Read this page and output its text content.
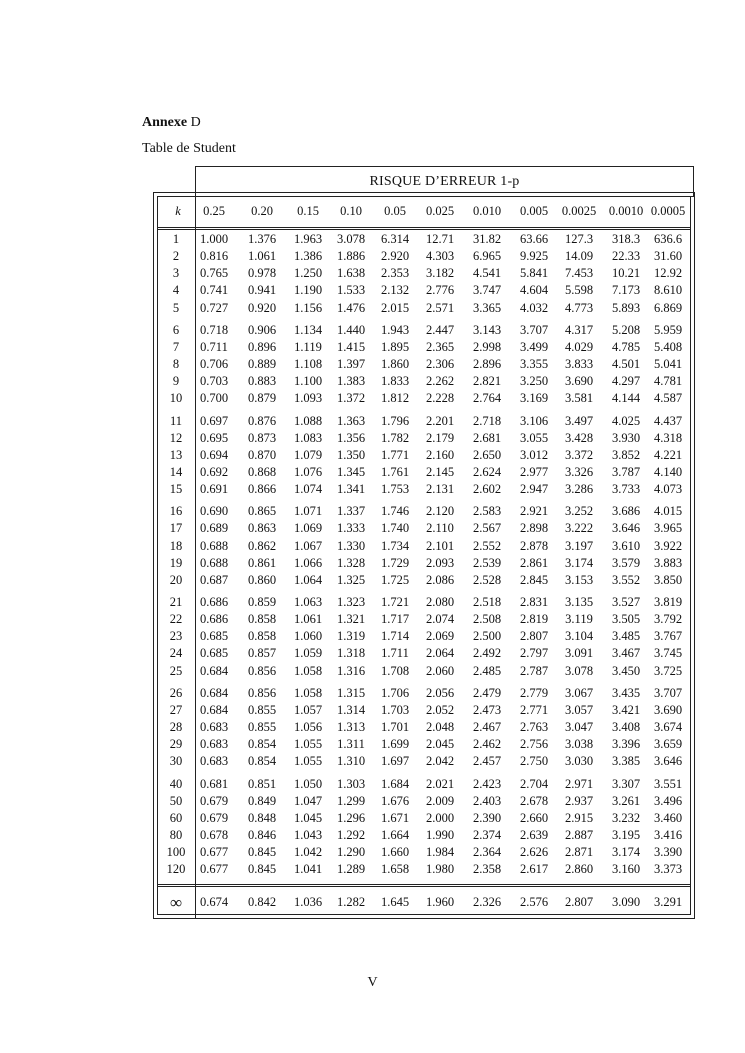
Annexe D
Table de Student
RISQUE D’ERREUR 1-p
k	0.25	0.20	0.15	0.10	0.05	0.025	0.010	0.005	0.0025 0.0010 0.0005
1	1.000	1.376	1.963	3.078	6.314	12.71	31.82	63.66	127.3	318.3	636.6
2	0.816	1.061	1.386	1.886	2.920	4.303	6.965	9.925	14.09	22.33	31.60
3	0.765	0.978	1.250	1.638	2.353	3.182	4.541	5.841	7.453	10.21	12.92
4	0.741	0.941	1.190	1.533	2.132	2.776	3.747	4.604	5.598	7.173	8.610
5	0.727	0.920	1.156	1.476	2.015	2.571	3.365	4.032	4.773	5.893	6.869
6	0.718	0.906	1.134	1.440	1.943	2.447	3.143	3.707	4.317	5.208	5.959
7	0.711	0.896	1.119	1.415	1.895	2.365	2.998	3.499	4.029	4.785	5.408
8	0.706	0.889	1.108	1.397	1.860	2.306	2.896	3.355	3.833	4.501	5.041
9	0.703	0.883	1.100	1.383	1.833	2.262	2.821	3.250	3.690	4.297	4.781
10	0.700	0.879	1.093	1.372	1.812	2.228	2.764	3.169	3.581	4.144	4.587
11	0.697	0.876	1.088	1.363	1.796	2.201	2.718	3.106	3.497	4.025	4.437
12	0.695	0.873	1.083	1.356	1.782	2.179	2.681	3.055	3.428	3.930	4.318
13	0.694	0.870	1.079	1.350	1.771	2.160	2.650	3.012	3.372	3.852	4.221
14	0.692	0.868	1.076	1.345	1.761	2.145	2.624	2.977	3.326	3.787	4.140
15	0.691	0.866	1.074	1.341	1.753	2.131	2.602	2.947	3.286	3.733	4.073
16	0.690	0.865	1.071	1.337	1.746	2.120	2.583	2.921	3.252	3.686	4.015
17	0.689	0.863	1.069	1.333	1.740	2.110	2.567	2.898	3.222	3.646	3.965
18	0.688	0.862	1.067	1.330	1.734	2.101	2.552	2.878	3.197	3.610	3.922
19	0.688	0.861	1.066	1.328	1.729	2.093	2.539	2.861	3.174	3.579	3.883
20	0.687	0.860	1.064	1.325	1.725	2.086	2.528	2.845	3.153	3.552	3.850
21	0.686	0.859	1.063	1.323	1.721	2.080	2.518	2.831	3.135	3.527	3.819
22	0.686	0.858	1.061	1.321	1.717	2.074	2.508	2.819	3.119	3.505	3.792
23	0.685	0.858	1.060	1.319	1.714	2.069	2.500	2.807	3.104	3.485	3.767
24	0.685	0.857	1.059	1.318	1.711	2.064	2.492	2.797	3.091	3.467	3.745
25	0.684	0.856	1.058	1.316	1.708	2.060	2.485	2.787	3.078	3.450	3.725
26	0.684	0.856	1.058	1.315	1.706	2.056	2.479	2.779	3.067	3.435	3.707
27	0.684	0.855	1.057	1.314	1.703	2.052	2.473	2.771	3.057	3.421	3.690
28	0.683	0.855	1.056	1.313	1.701	2.048	2.467	2.763	3.047	3.408	3.674
29	0.683	0.854	1.055	1.311	1.699	2.045	2.462	2.756	3.038	3.396	3.659
30	0.683	0.854	1.055	1.310	1.697	2.042	2.457	2.750	3.030	3.385	3.646
40	0.681	0.851	1.050	1.303	1.684	2.021	2.423	2.704	2.971	3.307	3.551
50	0.679	0.849	1.047	1.299	1.676	2.009	2.403	2.678	2.937	3.261	3.496
60	0.679	0.848	1.045	1.296	1.671	2.000	2.390	2.660	2.915	3.232	3.460
80	0.678	0.846	1.043	1.292	1.664	1.990	2.374	2.639	2.887	3.195	3.416
100	0.677	0.845	1.042	1.290	1.660	1.984	2.364	2.626	2.871	3.174	3.390
120	0.677	0.845	1.041	1.289	1.658	1.980	2.358	2.617	2.860	3.160	3.373
∞	0.674	0.842	1.036	1.282	1.645	1.960	2.326	2.576	2.807	3.090	3.291
V
